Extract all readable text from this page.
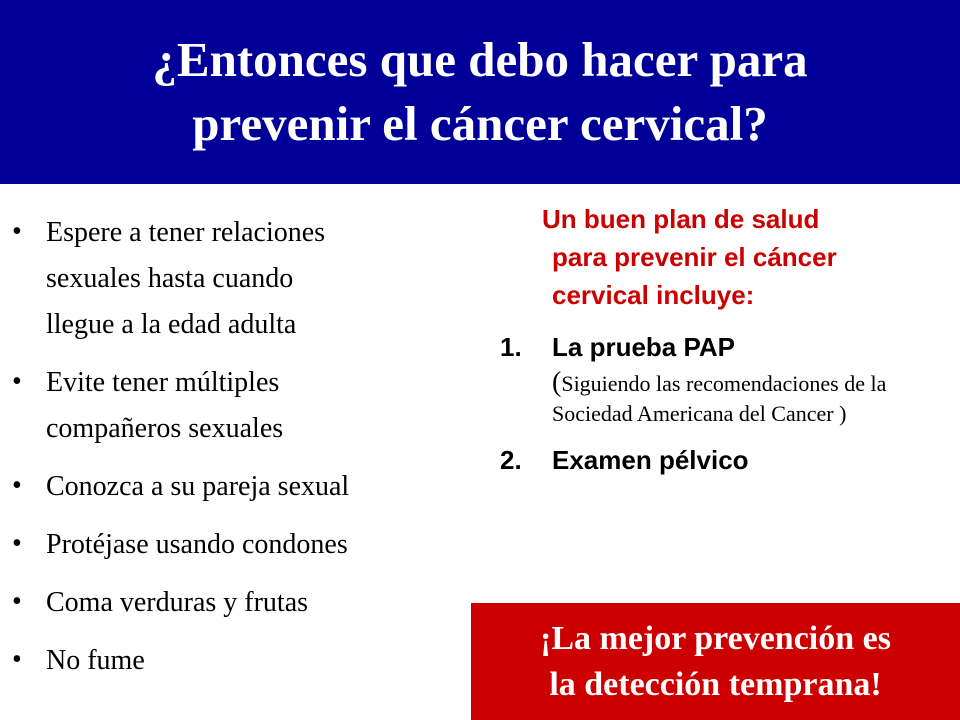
¿Entonces que debo hacer para
prevenir el cáncer cervical?
• Espere a tener relaciones
sexuales hasta cuando
llegue a la edad adulta
• Evite tener múltiples
compañeros sexuales
• Conozca a su pareja sexual
• Protéjase usando condones
• Coma verduras y frutas
• No fume
Un buen plan de salud
para prevenir el cáncer
cervical incluye:
1. La prueba PAP
(Siguiendo las recomendaciones de la Sociedad Americana del Cancer )
2. Examen pélvico
¡La mejor prevención es
la detección temprana!
